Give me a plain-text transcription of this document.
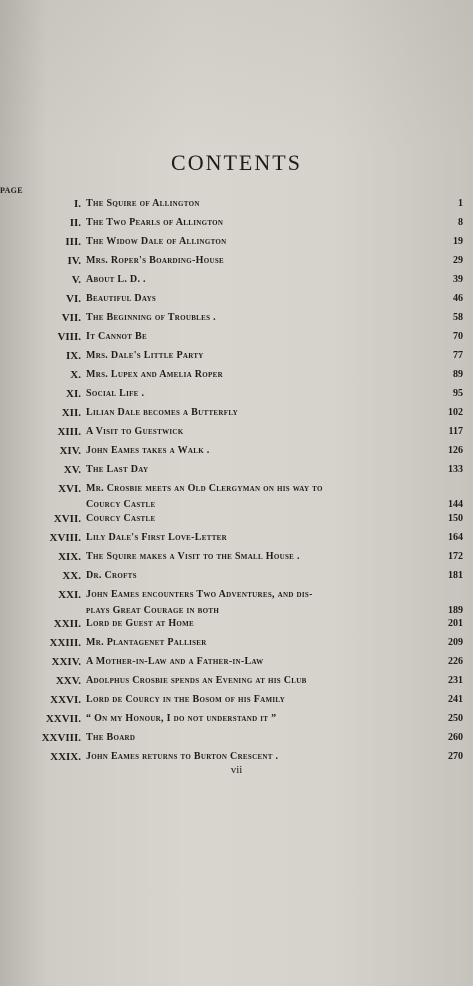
CONTENTS
PAGE
I. The Squire of Allington	1
II. The Two Pearls of Allington	8
III. The Widow Dale of Allington	19
IV. Mrs. Roper's Boarding-House	29
V. About L. D. .	39
VI. Beautiful Days	46
VII. The Beginning of Troubles .	58
VIII. It Cannot Be	70
IX. Mrs. Dale's Little Party	77
X. Mrs. Lupex and Amelia Roper	89
XI. Social Life .	95
XII. Lilian Dale becomes a Butterfly	102
XIII. A Visit to Guestwick	117
XIV. John Eames takes a Walk .	126
XV. The Last Day	133
XVI. Mr. Crosbie meets an Old Clergyman on his way to
Courcy Castle	144
XVII. Courcy Castle	150
XVIII. Lily Dale's First Love-Letter	164
XIX. The Squire makes a Visit to the Small House .	172
XX. Dr. Crofts	181
XXI. John Eames encounters Two Adventures, and dis-
plays Great Courage in both	189
XXII. Lord de Guest at Home	201
XXIII. Mr. Plantagenet Palliser	209
XXIV. A Mother-in-Law and a Father-in-Law	226
XXV. Adolphus Crosbie spends an Evening at his Club	231
XXVI. Lord de Courcy in the Bosom of his Family	241
XXVII. “ On my Honour, I do not understand it ”	250
XXVIII. The Board	260
XXIX. John Eames returns to Burton Crescent .	270
vii
